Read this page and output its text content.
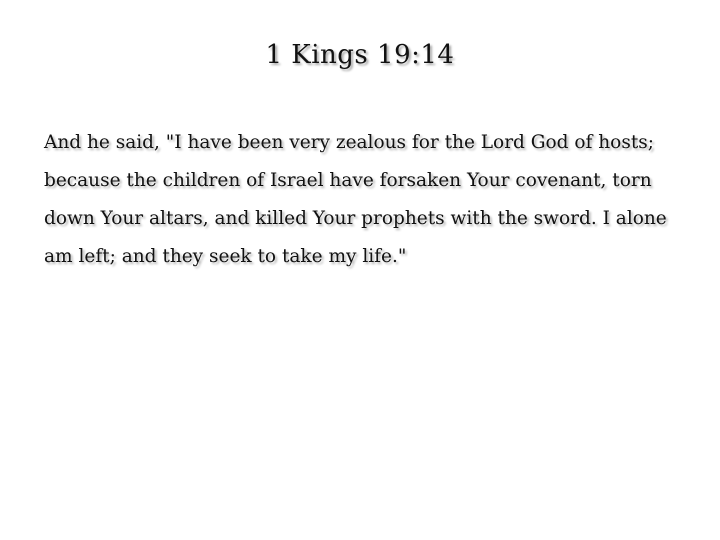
1 Kings 19:14

And he said, "I have been very zealous for the Lord God of hosts; because the children of Israel have forsaken Your covenant, torn down Your altars, and killed Your prophets with the sword. I alone am left; and they seek to take my life."
